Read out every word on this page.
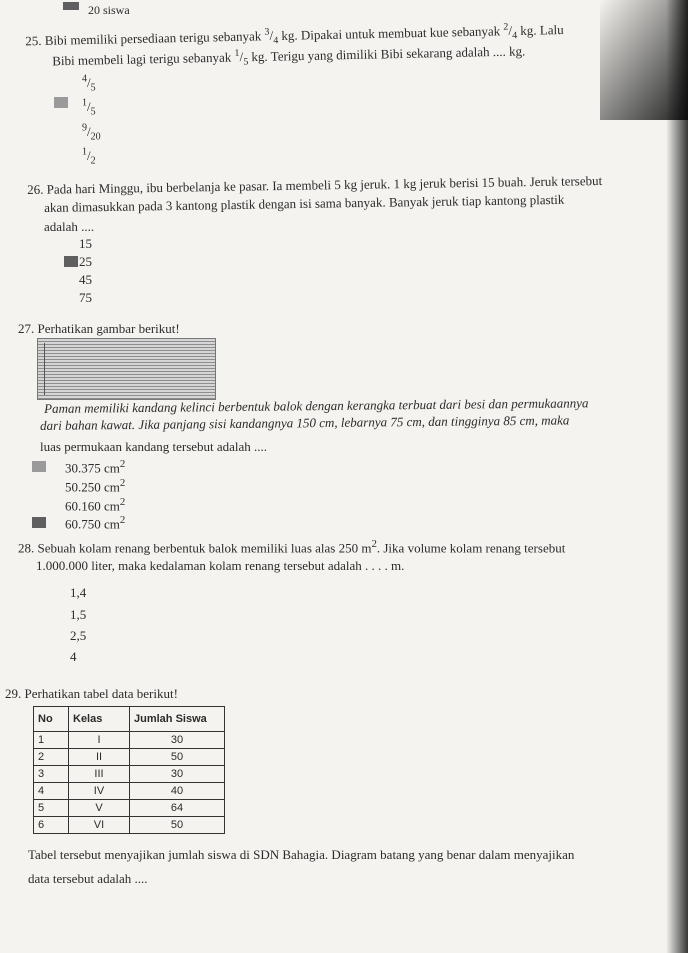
20 siswa
25. Bibi memiliki persediaan terigu sebanyak $^3/_4$ kg. Dipakai untuk membuat kue sebanyak $^2/_4$ kg. Lalu
Bibi membeli lagi terigu sebanyak $^1/_5$ kg. Terigu yang dimiliki Bibi sekarang adalah .... kg.
$^4/_5$
$^1/_5$
$^9/_{20}$
$^1/_2$
26. Pada hari Minggu, ibu berbelanja ke pasar. Ia membeli 5 kg jeruk. 1 kg jeruk berisi 15 buah. Jeruk tersebut
akan dimasukkan pada 3 kantong plastik dengan isi sama banyak. Banyak jeruk tiap kantong plastik
adalah ....
15
25
45
75
27. Perhatikan gambar berikut!
Paman memiliki kandang kelinci berbentuk balok dengan kerangka terbuat dari besi dan permukaannya
dari bahan kawat. Jika panjang sisi kandangnya 150 cm, lebarnya 75 cm, dan tingginya 85 cm, maka
luas permukaan kandang tersebut adalah ....
30.375 $cm^2$
50.250 $cm^2$
60.160 $cm^2$
60.750 $cm^2$
28. Sebuah kolam renang berbentuk balok memiliki luas alas 250 $m^2$. Jika volume kolam renang tersebut
1.000.000 liter, maka kedalaman kolam renang tersebut adalah . . . . m.
1,4
1,5
2,5
4
29. Perhatikan tabel data berikut!
No	Kelas	Jumlah Siswa
1	I	30
2	II	50
3	III	30
4	IV	40
5	V	64
6	VI	50
Tabel tersebut menyajikan jumlah siswa di SDN Bahagia. Diagram batang yang benar dalam menyajikan
data tersebut adalah ....
